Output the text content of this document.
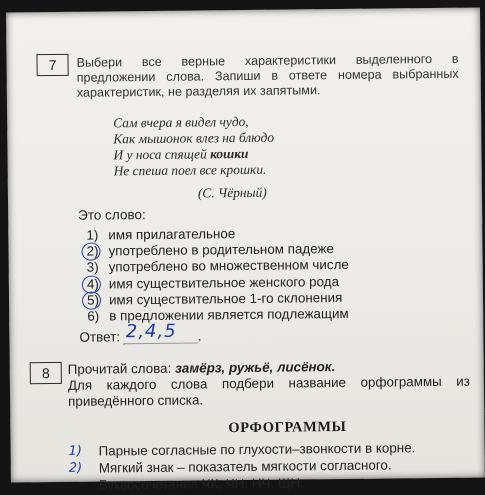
7 Выбери все верные характеристики выделенного в предложении слова. Запиши в ответе номера выбранных характеристик, не разделяя их запятыми.
Сам вчера я видел чудо,
Как мышонок влез на блюдо
И у носа спящей кошки
Не спеша поел все крошки.
(С. Чёрный)
Это слово:
1) имя прилагательное
2) употреблено в родительном падеже
3) употреблено во множественном числе
4) имя существительное женского рода
5) имя существительное 1-го склонения
6) в предложении является подлежащим
Ответ: 2,4,5 .
8 Прочитай слова: замёрз, ружьё, лисёнок.
Для каждого слова подбери название орфограммы из
приведённого списка.
ОРФОГРАММЫ
1) Парные согласные по глухости–звонкости в корне.
2) Мягкий знак – показатель мягкости согласного.
Буквосочетания ЧК, ЧН, НЧ, ЩН.
